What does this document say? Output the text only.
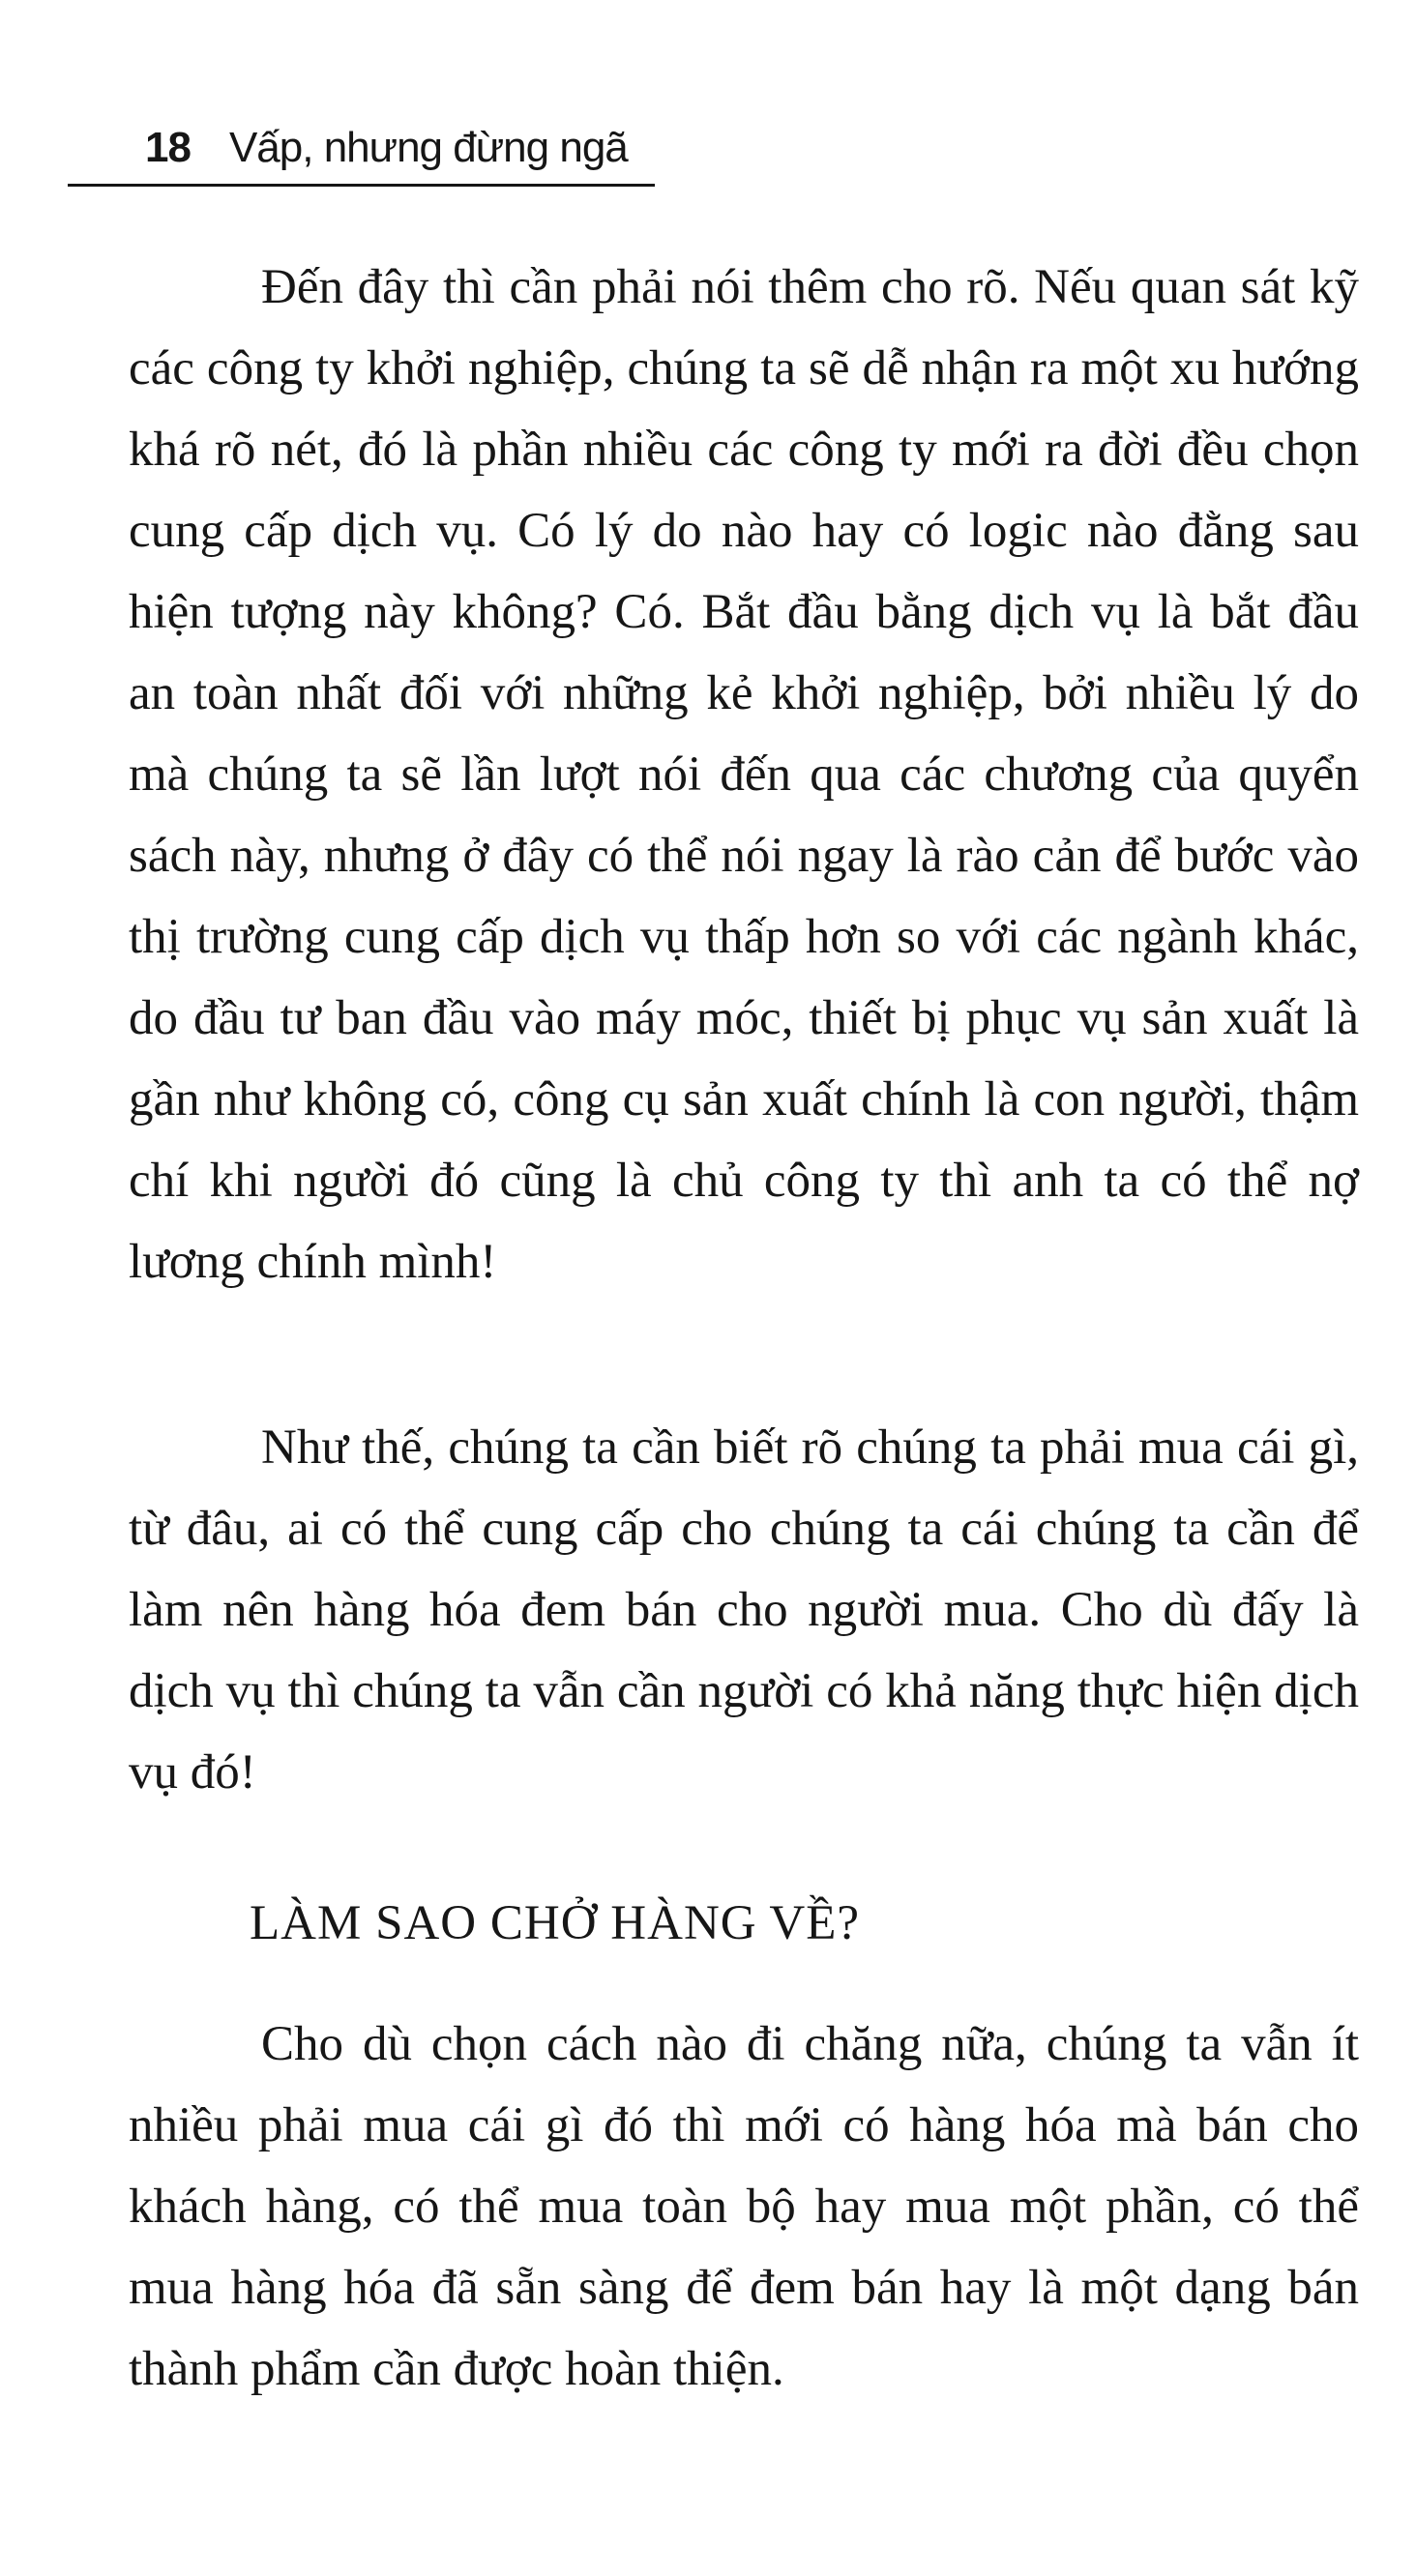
18 Vấp, nhưng đừng ngã

Đến đây thì cần phải nói thêm cho rõ. Nếu quan sát kỹ các công ty khởi nghiệp, chúng ta sẽ dễ nhận ra một xu hướng khá rõ nét, đó là phần nhiều các công ty mới ra đời đều chọn cung cấp dịch vụ. Có lý do nào hay có logic nào đằng sau hiện tượng này không? Có. Bắt đầu bằng dịch vụ là bắt đầu an toàn nhất đối với những kẻ khởi nghiệp, bởi nhiều lý do mà chúng ta sẽ lần lượt nói đến qua các chương của quyển sách này, nhưng ở đây có thể nói ngay là rào cản để bước vào thị trường cung cấp dịch vụ thấp hơn so với các ngành khác, do đầu tư ban đầu vào máy móc, thiết bị phục vụ sản xuất là gần như không có, công cụ sản xuất chính là con người, thậm chí khi người đó cũng là chủ công ty thì anh ta có thể nợ lương chính mình!

Như thế, chúng ta cần biết rõ chúng ta phải mua cái gì, từ đâu, ai có thể cung cấp cho chúng ta cái chúng ta cần để làm nên hàng hóa đem bán cho người mua. Cho dù đấy là dịch vụ thì chúng ta vẫn cần người có khả năng thực hiện dịch vụ đó!

LÀM SAO CHỞ HÀNG VỀ?

Cho dù chọn cách nào đi chăng nữa, chúng ta vẫn ít nhiều phải mua cái gì đó thì mới có hàng hóa mà bán cho khách hàng, có thể mua toàn bộ hay mua một phần, có thể mua hàng hóa đã sẵn sàng để đem bán hay là một dạng bán thành phẩm cần được hoàn thiện.
